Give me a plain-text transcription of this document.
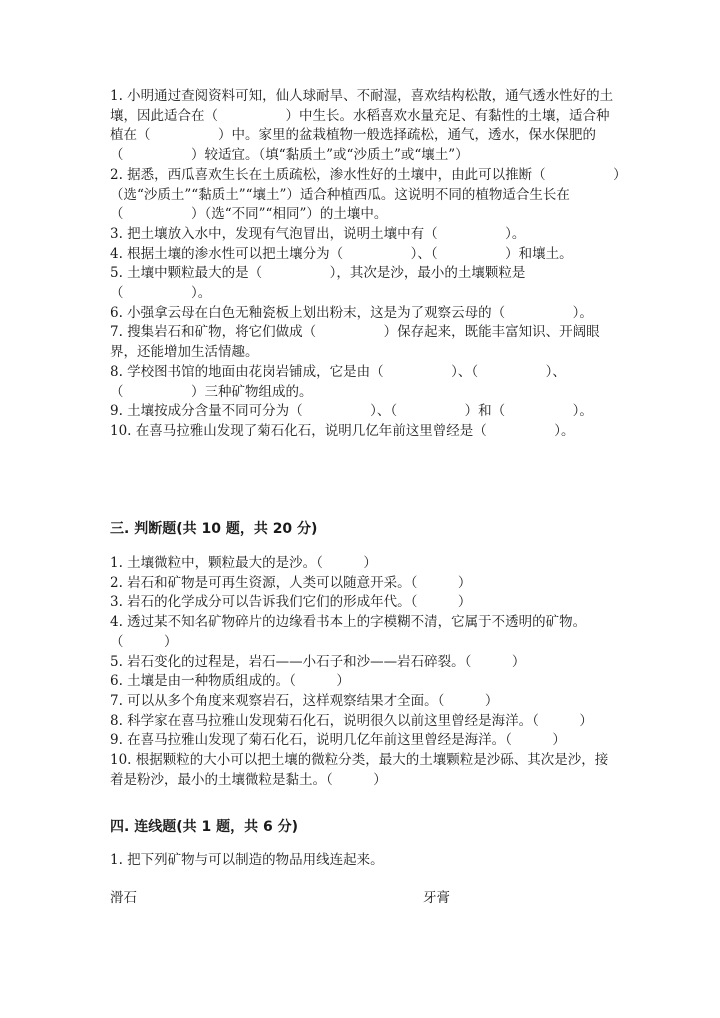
1. 小明通过查阅资料可知，仙人球耐旱、不耐湿，喜欢结构松散，通气透水性好的土壤，因此适合在（　　　　　）中生长。水稻喜欢水量充足、有黏性的土壤，适合种植在（　　　　　）中。家里的盆栽植物一般选择疏松，通气，透水，保水保肥的（　　　　　）较适宜。（填“黏质土”或“沙质土”或“壤土”）

2. 据悉，西瓜喜欢生长在土质疏松，渗水性好的土壤中，由此可以推断（　　　　　）（选“沙质土”“黏质土”“壤土”）适合种植西瓜。这说明不同的植物适合生长在（　　　　　）（选“不同”“相同”）的土壤中。

3. 把土壤放入水中，发现有气泡冒出，说明土壤中有（　　　　　）。

4. 根据土壤的渗水性可以把土壤分为（　　　　　）、（　　　　　）和壤土。

5. 土壤中颗粒最大的是（　　　　　），其次是沙，最小的土壤颗粒是（　　　　　）。

6. 小强拿云母在白色无釉瓷板上划出粉末，这是为了观察云母的（　　　　　）。

7. 搜集岩石和矿物，将它们做成（　　　　　）保存起来，既能丰富知识、开阔眼界，还能增加生活情趣。

8. 学校图书馆的地面由花岗岩铺成，它是由（　　　　　）、（　　　　　）、（　　　　　）三种矿物组成的。

9. 土壤按成分含量不同可分为（　　　　　）、（　　　　　）和（　　　　　）。

10. 在喜马拉雅山发现了菊石化石，说明几亿年前这里曾经是（　　　　　）。

三. 判断题(共 10 题，共 20 分)

1. 土壤微粒中，颗粒最大的是沙。（　　　）

2. 岩石和矿物是可再生资源，人类可以随意开采。（　　　）

3. 岩石的化学成分可以告诉我们它们的形成年代。（　　　）

4. 透过某不知名矿物碎片的边缘看书本上的字模糊不清，它属于不透明的矿物。（　　　）

5. 岩石变化的过程是，岩石——小石子和沙——岩石碎裂。（　　　）

6. 土壤是由一种物质组成的。（　　　）

7. 可以从多个角度来观察岩石，这样观察结果才全面。（　　　）

8. 科学家在喜马拉雅山发现菊石化石，说明很久以前这里曾经是海洋。（　　　）

9. 在喜马拉雅山发现了菊石化石，说明几亿年前这里曾经是海洋。（　　　）

10. 根据颗粒的大小可以把土壤的微粒分类，最大的土壤颗粒是沙砾、其次是沙，接着是粉沙，最小的土壤微粒是黏土。（　　　）

四. 连线题(共 1 题，共 6 分)

1. 把下列矿物与可以制造的物品用线连起来。

滑石	牙膏
